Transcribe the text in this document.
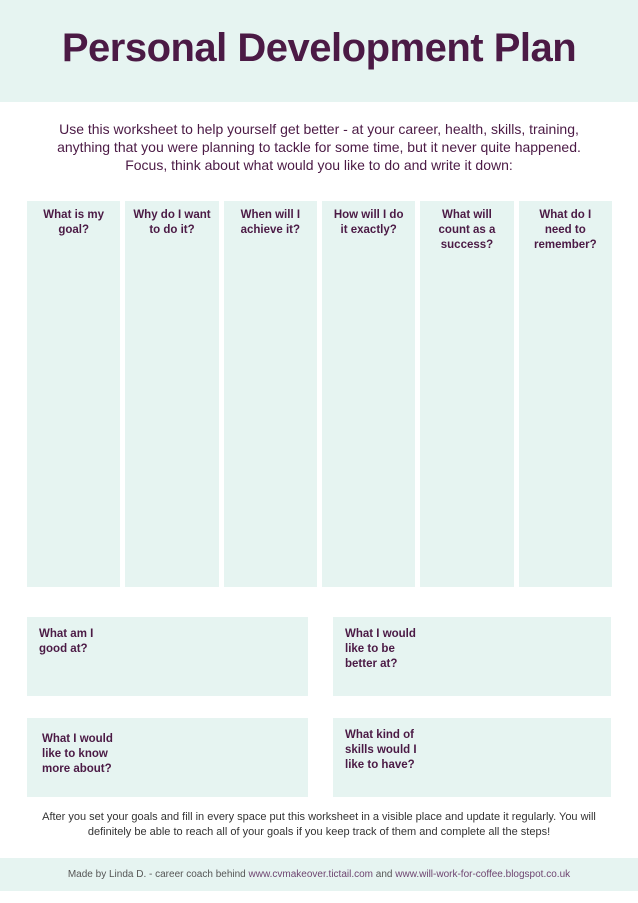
Personal Development Plan
Use this worksheet to help yourself get better - at your career, health, skills, training,
anything that you were planning to tackle for some time, but it never quite happened.
Focus, think about what would you like to do and write it down:
What is my goal?
Why do I want to do it?
When will I achieve it?
How will I do it exactly?
What will count as a success?
What do I need to remember?
What am I
good at?
What I would
like to be
better at?
What I would
like to know
more about?
What kind of
skills would I
like to have?
After you set your goals and fill in every space put this worksheet in a visible place and update it regularly. You will
definitely be able to reach all of your goals if you keep track of them and complete all the steps!
Made by Linda D. - career coach behind www.cvmakeover.tictail.com and www.will-work-for-coffee.blogspot.co.uk
